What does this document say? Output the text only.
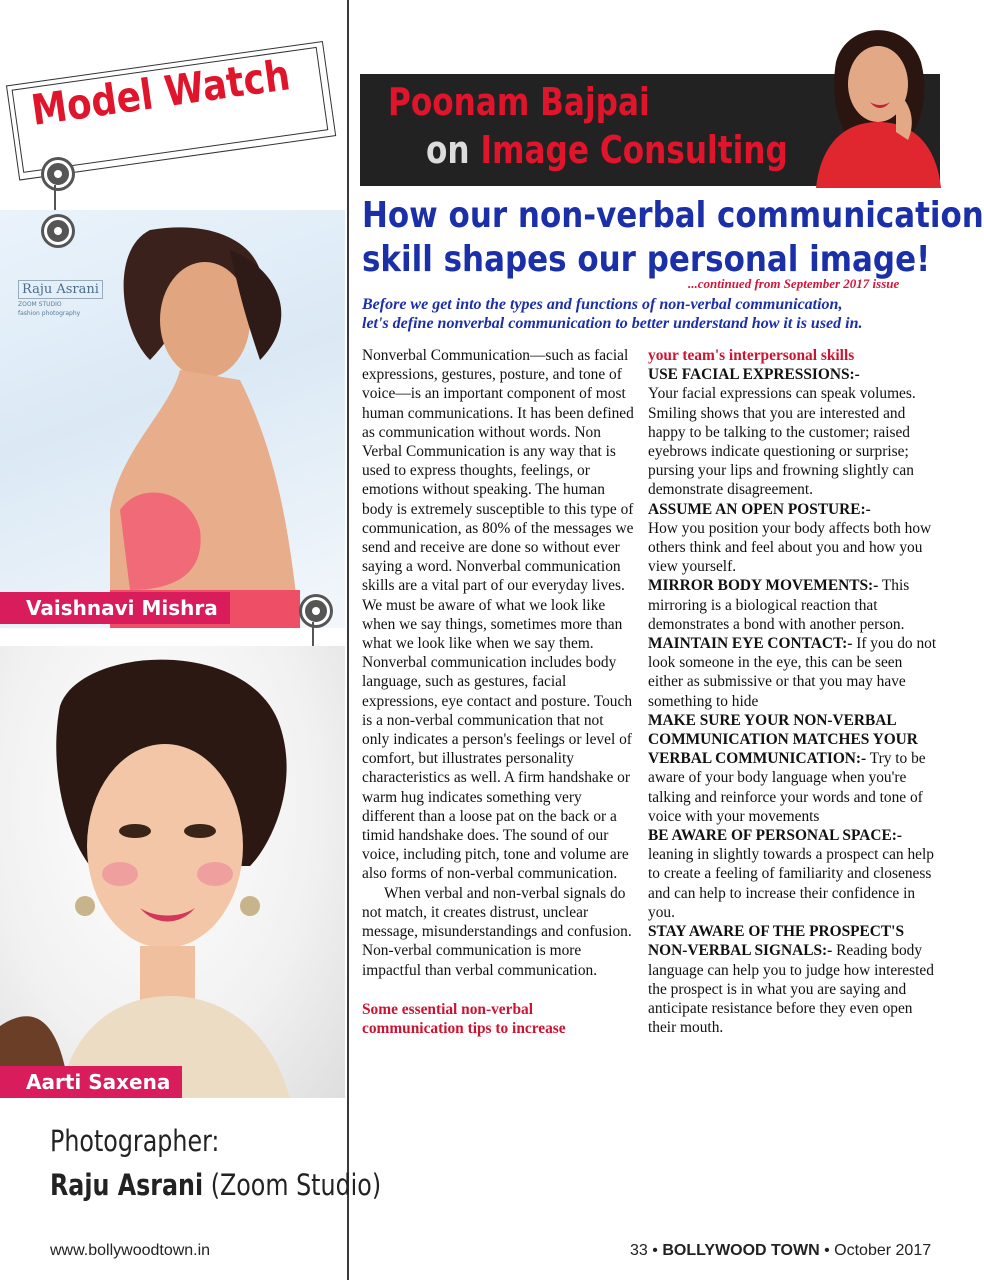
Model Watch
Raju Asrani
ZOOM STUDIO
fashion photography
Vaishnavi Mishra
Aarti Saxena
Photographer:
Raju Asrani (Zoom Studio)
Poonam Bajpai
on Image Consulting
How our non-verbal communication
skill shapes our personal image!
...continued from September 2017 issue
Before we get into the types and functions of non-verbal communication,
let's define nonverbal communication to better understand how it is used in.

Nonverbal Communication—such as facial expressions, gestures, posture, and tone of voice—is an important component of most human communications. It has been defined as communication without words. Non Verbal Communication is any way that is used to express thoughts, feelings, or emotions without speaking. The human body is extremely susceptible to this type of communication, as 80% of the messages we send and receive are done so without ever saying a word. Nonverbal communication skills are a vital part of our everyday lives. We must be aware of what we look like when we say things, sometimes more than what we look like when we say them.

Nonverbal communication includes body language, such as gestures, facial expressions, eye contact and posture. Touch is a non-verbal communication that not only indicates a person's feelings or level of comfort, but illustrates personality characteristics as well. A firm handshake or warm hug indicates something very different than a loose pat on the back or a timid handshake does. The sound of our voice, including pitch, tone and volume are also forms of non-verbal communication.

When verbal and non-verbal signals do not match, it creates distrust, unclear message, misunderstandings and confusion. Non-verbal communication is more impactful than verbal communication.

Some essential non-verbal communication tips to increase

your team's interpersonal skills

USE FACIAL EXPRESSIONS:-

Your facial expressions can speak volumes. Smiling shows that you are interested and happy to be talking to the customer; raised eyebrows indicate questioning or surprise; pursing your lips and frowning slightly can demonstrate disagreement.

ASSUME AN OPEN POSTURE:-

How you position your body affects both how others think and feel about you and how you view yourself.

MIRROR BODY MOVEMENTS:- This mirroring is a biological reaction that demonstrates a bond with another person.

MAINTAIN EYE CONTACT:- If you do not look someone in the eye, this can be seen either as submissive or that you may have something to hide

MAKE SURE YOUR NON-VERBAL COMMUNICATION MATCHES YOUR VERBAL COMMUNICATION:- Try to be aware of your body language when you're talking and reinforce your words and tone of voice with your movements

BE AWARE OF PERSONAL SPACE:- leaning in slightly towards a prospect can help to create a feeling of familiarity and closeness and can help to increase their confidence in you.

STAY AWARE OF THE PROSPECT'S NON-VERBAL SIGNALS:- Reading body language can help you to judge how interested the prospect is in what you are saying and anticipate resistance before they even open their mouth.

www.bollywoodtown.in	33 • BOLLYWOOD TOWN • October 2017
